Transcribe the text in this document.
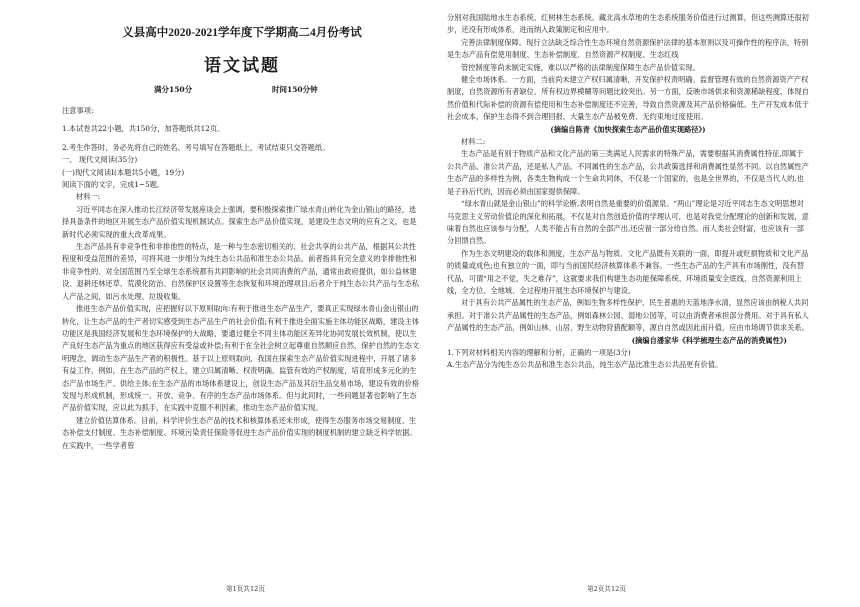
义县高中2020-2021学年度下学期高二4月份考试
语文试题
满分150分	时间150分钟

注意事项:

1.本试卷共22小题，共150分，加答题纸共12页。

2.考生作答时，务必先将自己的姓名、考号填写在答题纸上，考试结束只交答题纸。

一、 现代文阅读(35分)

(一)现代文阅读Ⅰ(本题共5小题，19分)

阅读下面的文字，完成1~5题。

材料一:

习近平同志在深入推动长江经济带发展座谈会上强调，要积极探索推广绿水青山转化为金山银山的路径，选择具备条件的地区开展生态产品价值实现机制试点。探索生态产品价值实现，是建设生态文明的应有之义，也是新时代必须实现的重大改革成果。

生态产品具有非竞争性和非排他性的特点，是一种与生态密切相关的、社会共享的公共产品，根据其公共性程度和受益范围的差异，可将其进一步细分为纯生态公共品和准生态公共品，前者指具有完全意义的非排他性和非竞争性的、对全国范围乃至全球生态系统都有共同影响的社会共同消费的产品，通常由政府提供，如公益林建设、退耕还林还草、荒漠化防治、自然保护区设置等生态恢复和环境治理项目;后者介于纯生态公共产品与生态私人产品之间，如污水处理、垃圾收集。

推进生态产品价值实现，应把握好以下原则取向:有利于推进生态产品生产，要真正实现绿水青山金山银山的转化，让生态产品的生产者切实感受到生态产品生产的社会价值;有利于推进全面实施主体功能区战略，建设主体功能区是我国经济发展和生态环境保护的大战略，要通过健全不同主体功能区差异化协同发展长效机制，使以生产良好生态产品为重点的地区获得应有受益或补偿;有利于在全社会树立起尊重自然顺应自然、保护自然的生态文明理念，调动生态产品生产者的积极性。基于以上原则取向，我国在探索生态产品价值实现进程中，开展了诸多有益工作，例如，在生态产品的产权上，建立归属清晰、权责明确、监管有效的产权制度，培育形成多元化的生态产品市场生产、供给主体;在生态产品的市场体系建设上，创设生态产品及其衍生品交易市场，建设有效的价格发现与形成机制，形成统一、开放、竞争、有序的生态产品市场体系。但与此同时，一些问题显著也影响了生态产品价值实现，应以此为抓手，在实践中克服不利因素，推动生态产品价值实现。

建立价值估算体系。目前，科学评价生态产品的技术和核算体系还未形成，使得生态服务市场交易制度、生态补偿支付制度、生态补偿制度、环境污染责任保险等促进生态产品价值实现的制度机制的建立缺乏科学依据。在实践中，一些学者曾

第1页共12页

分别对我国陆地水生态系统、红树林生态系统、藏北高水草地的生态系统服务价值进行过测算，但这些测算还很初步，还没有形成体系，进而纳入政策制定和应用中。

完善法律制度保障。现行立法缺乏综合性生态环境自然资源保护法律的基本原则以及可操作性的程序法，特别是生态产品有偿使用制度、生态补偿制度、自然资源产权制度、生态红线

管控制度等尚未制定实施，难以以严格的法律制度保障生态产品价值实现。

健全市场体系。一方面，当前尚未建立产权归属清晰，开发保护权责明确、监督管理有效的自然资源资产产权制度，自然资源所有者缺位、所有权边界模糊等问题比较突出。另一方面，反映市场供求和资源稀缺程度、体现自然价值和代际补偿的资源有偿使用和生态补偿制度还不完善，导致自然资源及其产品价格偏低、生产开发成本低于社会成本，保护生态得不到合理回报，大量生态产品被免费、无约束地过度使用。

(摘编自陈青《加快探索生态产品价值实现路径》)

材料二:

生态产品是有别于物质产品和文化产品的第三类满足人民需求的特殊产品，需要根据其消费属性特征,即属于公共产品、准公共产品，还是私人产品。不同属性的生态产品，公共政策选择和消费属性显然不同。以自然属性产生态产品的多样性为例，各类生物构成一个生命共同体，不仅是一个国家的，也是全世界的，不仅是当代人的,也是子孙后代的，因而必须由国家提供保障。

“绿水青山就是金山银山”的科学论断,表明自然是重要的价值源泉。“两山”理论是习近平同志生态文明思想对马克思主义劳动价值论的深化和拓展，不仅是对自然创造价值的学理认可，也是对我党分配理论的创新和发展，意味着自然也应该参与分配，人类不能占有自然的全部产出,还应留一部分给自然。而人类社会财富，也应该有一部分回馈自然。

作为生态文明建设的载体和测度，生态产品与物质、文化产品既有关联的一面，即提升或贬损物质和文化产品的质量或成色;也有独立的一面，即与当前国民经济核算体系不兼容。一些生态产品的生产具有市场刚性，没有替代品，可谓“用之不觉，失之难存”，这就要求我们构建生态功能保障系统、环境质量安全底线、自然资源利用上线，全方位、全地域、全过程地开展生态环境保护与建设。

对于具有公共产品属性的生态产品，例如生物多样性保护、民生普惠的天蓝地净水清，显然应该由纳税人共同承担。对于准公共产品属性的生态产品，例如森林公园、湿地公园等，可以由消费者承担部分费用。对于具有私人产品属性的生态产品，例如山林、山居、野生动物狩猎配额等，源自自然或因此而升值，应由市场调节供求关系。

(摘编自潘家华《科学梳理生态产品的消费属性》)

1.下列对材料相关内容的理解和分析，正确的一项是(3分)

A.生态产品分为纯生态公共品和准生态公共品，纯生态产品比准生态公共品更有价值。

第2页共12页
